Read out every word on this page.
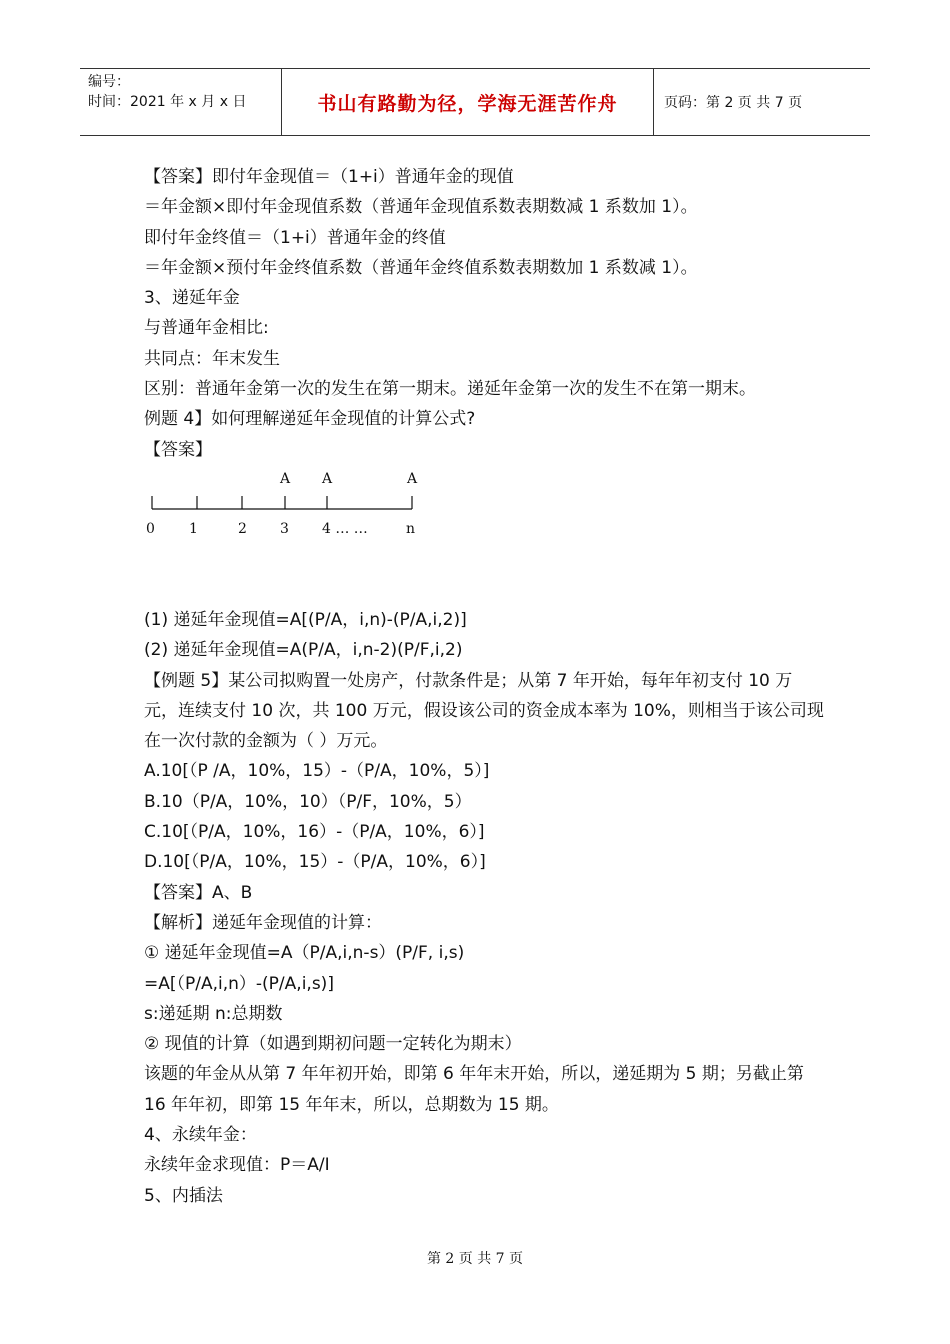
编号：
时间：2021 年 x 月 x 日	书山有路勤为径，学海无涯苦作舟	页码：第 2 页 共 7 页

【答案】即付年金现值＝（1+i）普通年金的现值

＝年金额×即付年金现值系数（普通年金现值系数表期数减 1 系数加 1）。

即付年金终值＝（1+i）普通年金的终值

＝年金额×预付年金终值系数（普通年金终值系数表期数加 1 系数减 1）。

3、递延年金

与普通年金相比:

共同点：年末发生

区别：普通年金第一次的发生在第一期末。递延年金第一次的发生不在第一期末。

例题 4】如何理解递延年金现值的计算公式?

【答案】

A A	A
0 1	2 3 4 … …	n

(1) 递延年金现值=A[(P/A，i,n)-(P/A,i,2)]

(2) 递延年金现值=A(P/A，i,n-2)(P/F,i,2)

【例题 5】某公司拟购置一处房产，付款条件是；从第 7 年开始，每年年初支付 10 万元，连续支付 10 次，共 100 万元，假设该公司的资金成本率为 10%，则相当于该公司现在一次付款的金额为（ ）万元。

A.10[（P /A，10%，15）-（P/A，10%，5）]

B.10（P/A，10%，10）（P/F，10%，5）

C.10[（P/A，10%，16）-（P/A，10%，6）]

D.10[（P/A，10%，15）-（P/A，10%，6）]

【答案】A、B

【解析】递延年金现值的计算：

① 递延年金现值=A（P/A,i,n-s）(P/F, i,s)

=A[（P/A,i,n）-(P/A,i,s)]

s:递延期 n:总期数

② 现值的计算（如遇到期初问题一定转化为期末）

该题的年金从从第 7 年年初开始，即第 6 年年末开始，所以，递延期为 5 期；另截止第 16 年年初，即第 15 年年末，所以，总期数为 15 期。

4、永续年金：

永续年金求现值：P＝A/I

5、内插法

第 2 页 共 7 页
